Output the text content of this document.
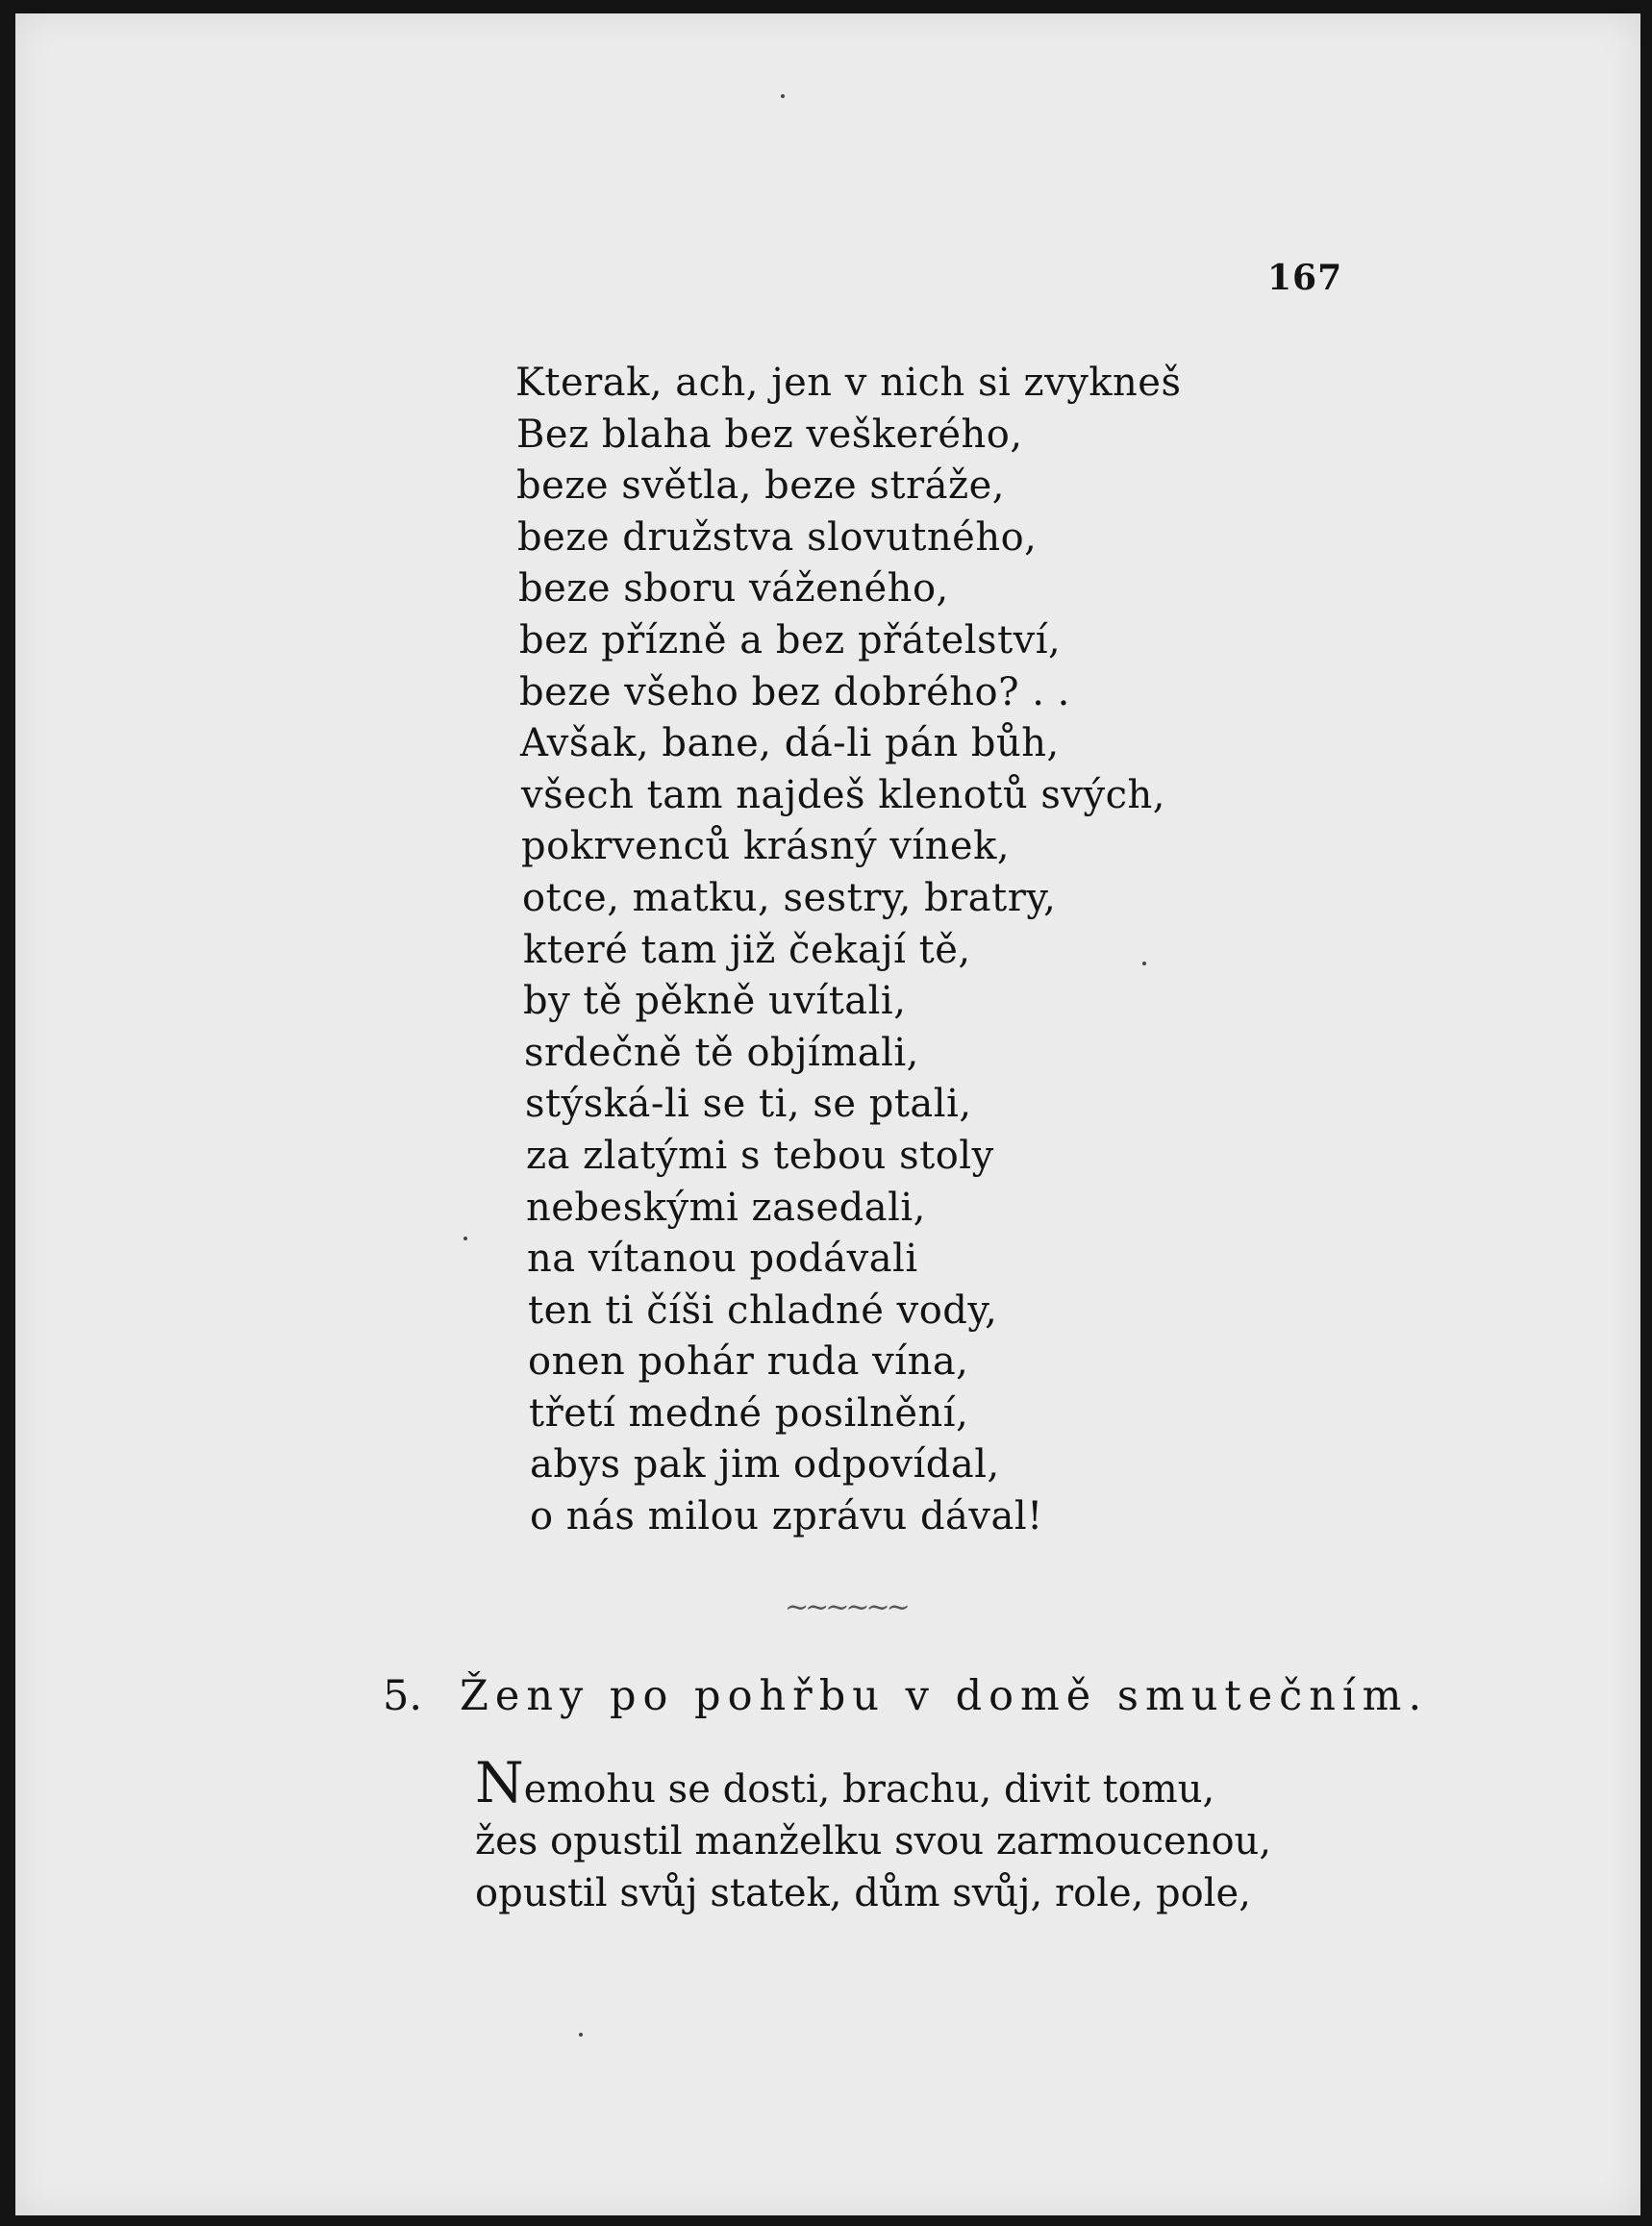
167
Kterak, ach, jen v nich si zvykneš
Bez blaha bez veškerého,
beze světla, beze stráže,
beze družstva slovutného,
beze sboru váženého,
bez přízně a bez přátelství,
beze všeho bez dobrého? . .
Avšak, bane, dá-li pán bůh,
všech tam najdeš klenotů svých,
pokrvenců krásný vínek,
otce, matku, sestry, bratry,
které tam již čekají tě,
by tě pěkně uvítali,
srdečně tě objímali,
stýská-li se ti, se ptali,
za zlatými s tebou stoly
nebeskými zasedali,
na vítanou podávali
ten ti číši chladné vody,
onen pohár ruda vína,
třetí medné posilnění,
abys pak jim odpovídal,
o nás milou zprávu dával!
~~~~~~
5. Ženy po pohřbu v domě smutečním.
Nemohu se dosti, brachu, divit tomu,
žes opustil manželku svou zarmoucenou,
opustil svůj statek, dům svůj, role, pole,
